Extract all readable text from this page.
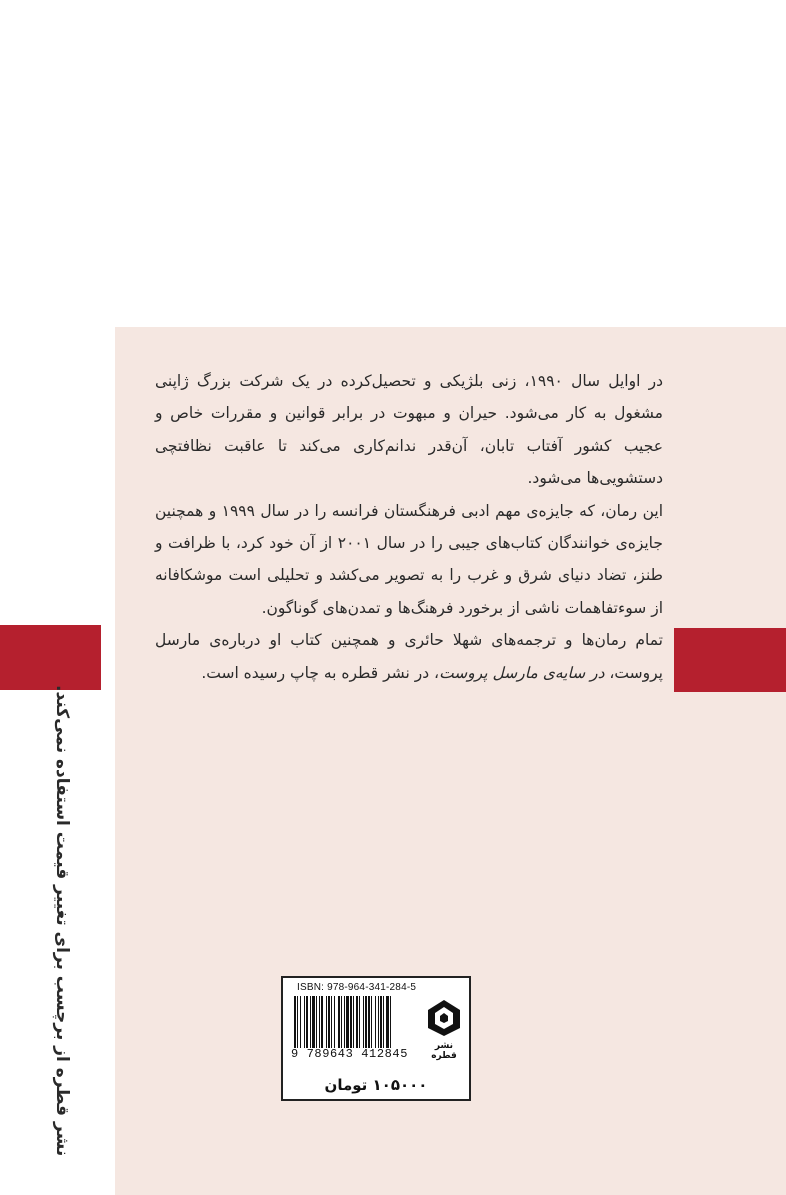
در اوایل سال ۱۹۹۰، زنی بلژیکی و تحصیل‌کرده در یک شرکت بزرگ ژاپنی مشغول به کار می‌شود. حیران و مبهوت در برابر قوانین و مقررات خاص و عجیب کشور آفتاب تابان، آن‌قدر ندانم‌کاری می‌کند تا عاقبت نظافتچی دستشویی‌ها می‌شود.

این رمان، که جایزه‌ی مهم ادبی فرهنگستان فرانسه را در سال ۱۹۹۹ و همچنین جایزه‌ی خوانندگان کتاب‌های جیبی را در سال ۲۰۰۱ از آن خود کرد، با ظرافت و طنز، تضاد دنیای شرق و غرب را به تصویر می‌کشد و تحلیلی است موشکافانه از سوءتفاهمات ناشی از برخورد فرهنگ‌ها و تمدن‌های گوناگون.

تمام رمان‌ها و ترجمه‌های شهلا حائری و همچنین کتاب او درباره‌ی مارسل پروست، در سایه‌ی مارسل پروست، در نشر قطره به چاپ رسیده است.

نشر قطره از برچسب برای تغییر قیمت استفاده نمی‌کند.	ISBN: 978-964-341-284-5
9 789643 412845
نشر قطره
۱۰۵۰۰۰ تومان
